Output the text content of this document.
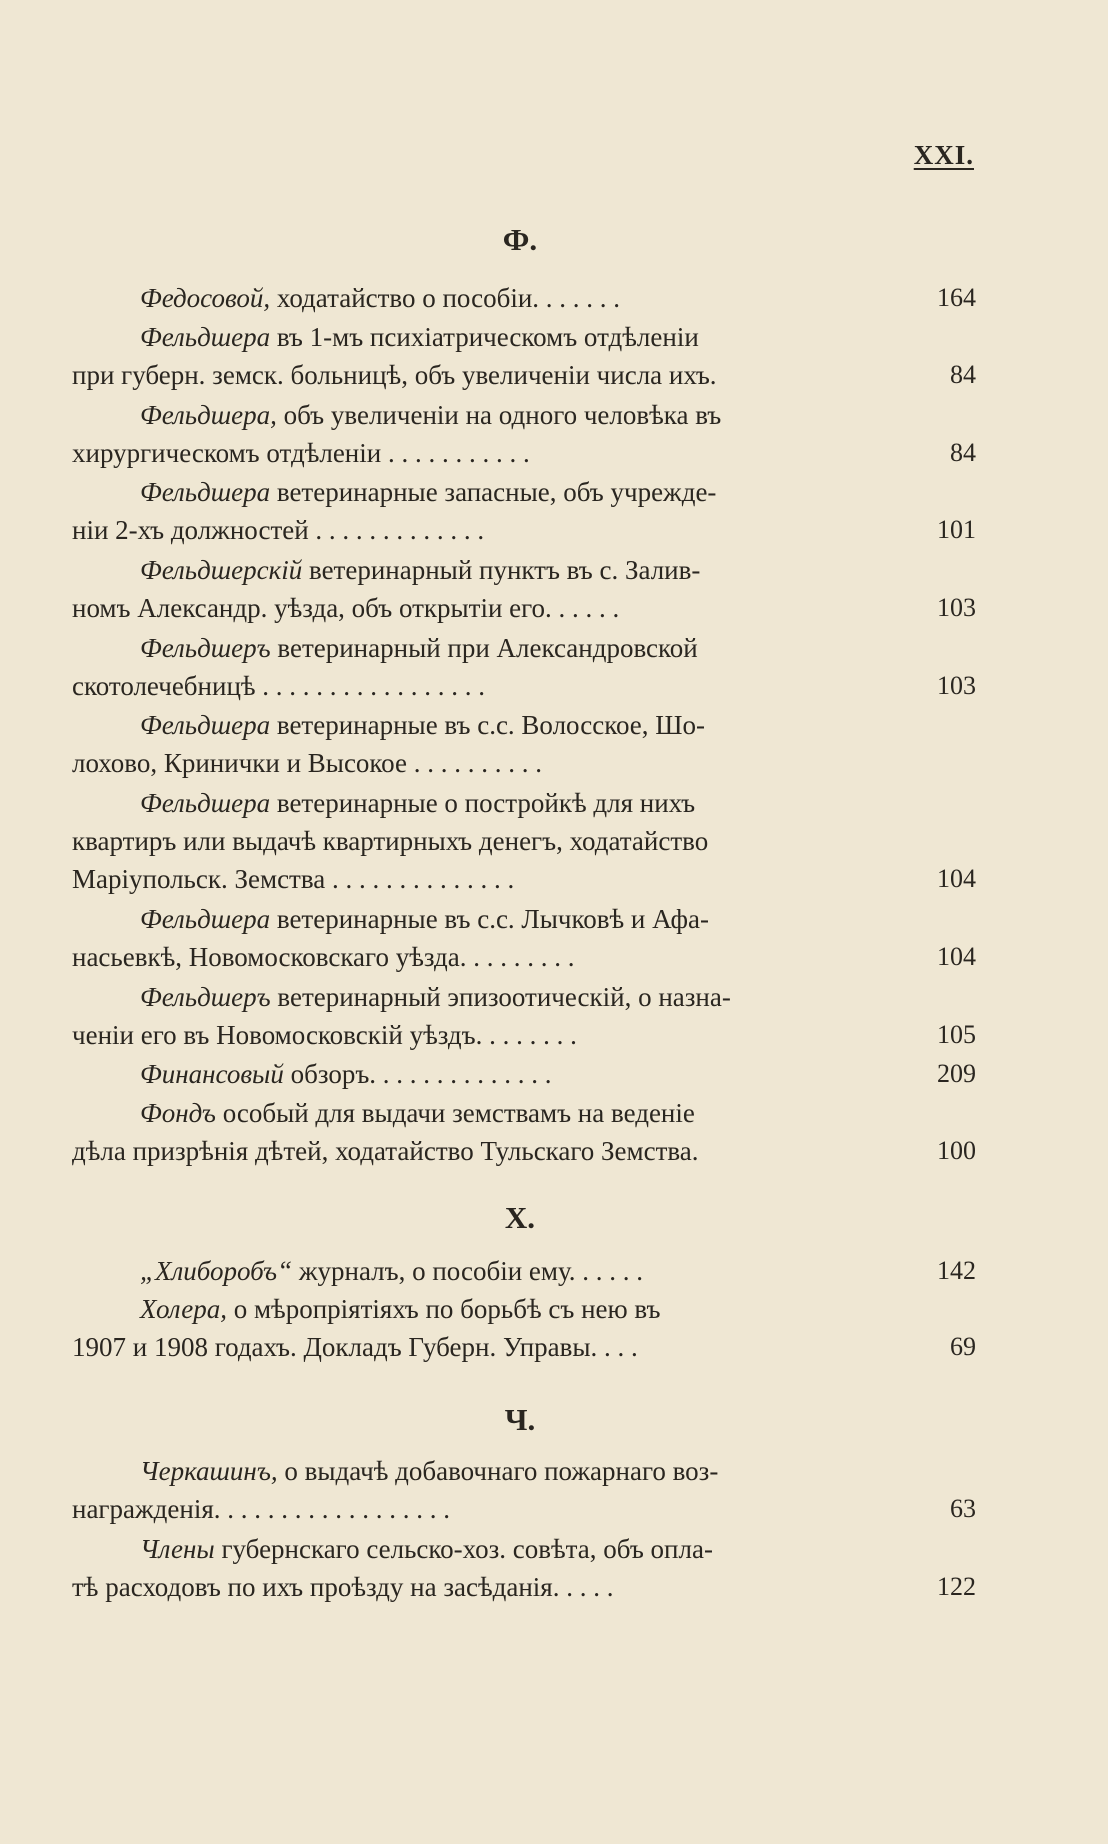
XXI.
Ф.
Федосовой, ходатайство о пособіи. . . . . . .	164
Фельдшера въ 1-мъ психіатрическомъ отдѣленіи
при губерн. земск. больницѣ, объ увеличеніи числа ихъ.	84
Фельдшера, объ увеличеніи на одного человѣка въ
хирургическомъ отдѣленіи . . . . . . . . . . .	84
Фельдшера ветеринарные запасные, объ учрежде-
ніи 2-хъ должностей . . . . . . . . . . . . .	101
Фельдшерскій ветеринарный пунктъ въ с. Залив-
номъ Александр. уѣзда, объ открытіи его. . . . . .	103
Фельдшеръ ветеринарный при Александровской
скотолечебницѣ . . . . . . . . . . . . . . . . .	103
Фельдшера ветеринарные въ с.с. Волосское, Шо-
лохово, Кринички и Высокое . . . . . . . . . .
Фельдшера ветеринарные о постройкѣ для нихъ
квартиръ или выдачѣ квартирныхъ денегъ, ходатайство
Маріупольск. Земства . . . . . . . . . . . . . .	104
Фельдшера ветеринарные въ с.с. Лычковѣ и Афа-
насьевкѣ, Новомосковскаго уѣзда. . . . . . . . .	104
Фельдшеръ ветеринарный эпизоотическій, о назна-
ченіи его въ Новомосковскій уѣздъ. . . . . . . .	105
Финансовый обзоръ. . . . . . . . . . . . . .	209
Фондъ особый для выдачи земствамъ на веденіе
дѣла призрѣнія дѣтей, ходатайство Тульскаго Земства.	100
Х.
„Хлиборобъ“ журналъ, о пособіи ему. . . . . .	142
Холера, о мѣропріятіяхъ по борьбѣ съ нею въ
1907 и 1908 годахъ. Докладъ Губерн. Управы. . . .	69
Ч.
Черкашинъ, о выдачѣ добавочнаго пожарнаго воз-
награжденія. . . . . . . . . . . . . . . . . .	63
Члены губернскаго сельско-хоз. совѣта, объ опла-
тѣ расходовъ по ихъ проѣзду на засѣданія. . . . .	122
